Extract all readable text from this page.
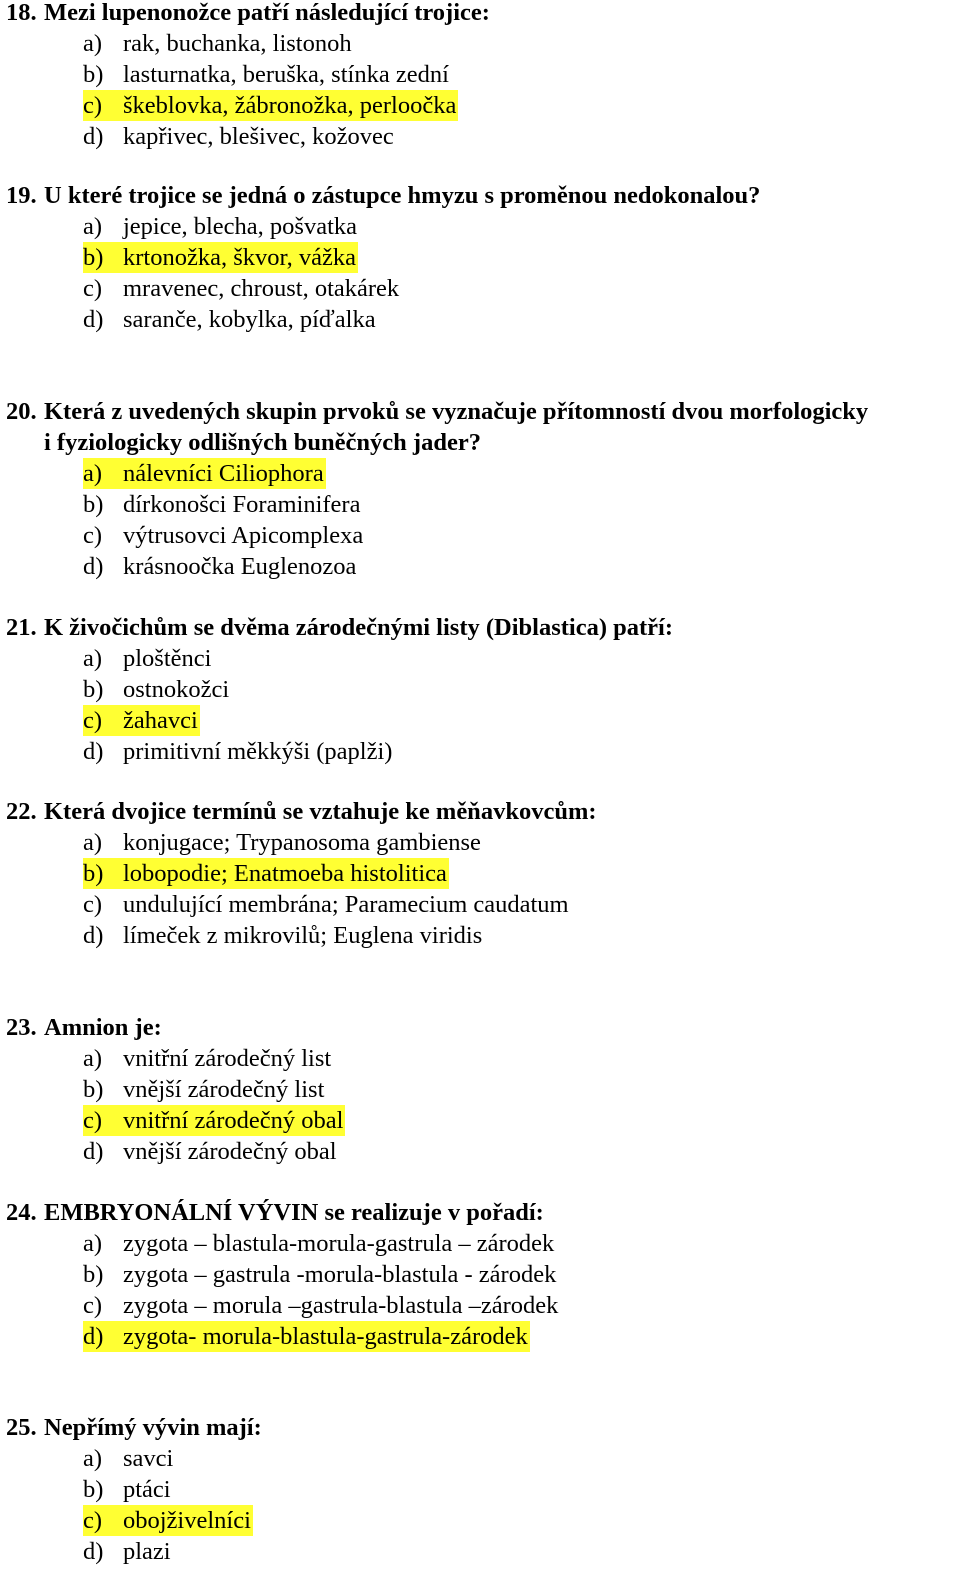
18. Mezi lupenonožce patří následující trojice:

a) rak, buchanka, listonoh
b) lasturnatka, beruška, stínka zední
c) škeblovka, žábronožka, perloočka
d) kapřivec, blešivec, kožovec

19. U které trojice se jedná o zástupce hmyzu s proměnou nedokonalou?

a) jepice, blecha, pošvatka
b) krtonožka, škvor, vážka
c) mravenec, chroust, otakárek
d) saranče, kobylka, píďalka

20. Která z uvedených skupin prvoků se vyznačuje přítomností dvou morfologicky
i fyziologicky odlišných buněčných jader?

a) nálevníci Ciliophora
b) dírkonošci Foraminifera
c) výtrusovci Apicomplexa
d) krásnoočka Euglenozoa

21. K živočichům se dvěma zárodečnými listy (Diblastica) patří:

a) ploštěnci
b) ostnokožci
c) žahavci
d) primitivní měkkýši (paplži)

22. Která dvojice termínů se vztahuje ke měňavkovcům:

a) konjugace; Trypanosoma gambiense
b) lobopodie; Enatmoeba histolitica
c) undulující membrána; Paramecium caudatum
d) límeček z mikrovilů; Euglena viridis

23. Amnion je:

a) vnitřní zárodečný list
b) vnější zárodečný list
c) vnitřní zárodečný obal
d) vnější zárodečný obal

24. EMBRYONÁLNÍ VÝVIN se realizuje v pořadí:

a) zygota – blastula-morula-gastrula – zárodek
b) zygota – gastrula -morula-blastula - zárodek
c) zygota – morula –gastrula-blastula –zárodek
d) zygota- morula-blastula-gastrula-zárodek

25. Nepřímý vývin mají:

a) savci
b) ptáci
c) obojživelníci
d) plazi
